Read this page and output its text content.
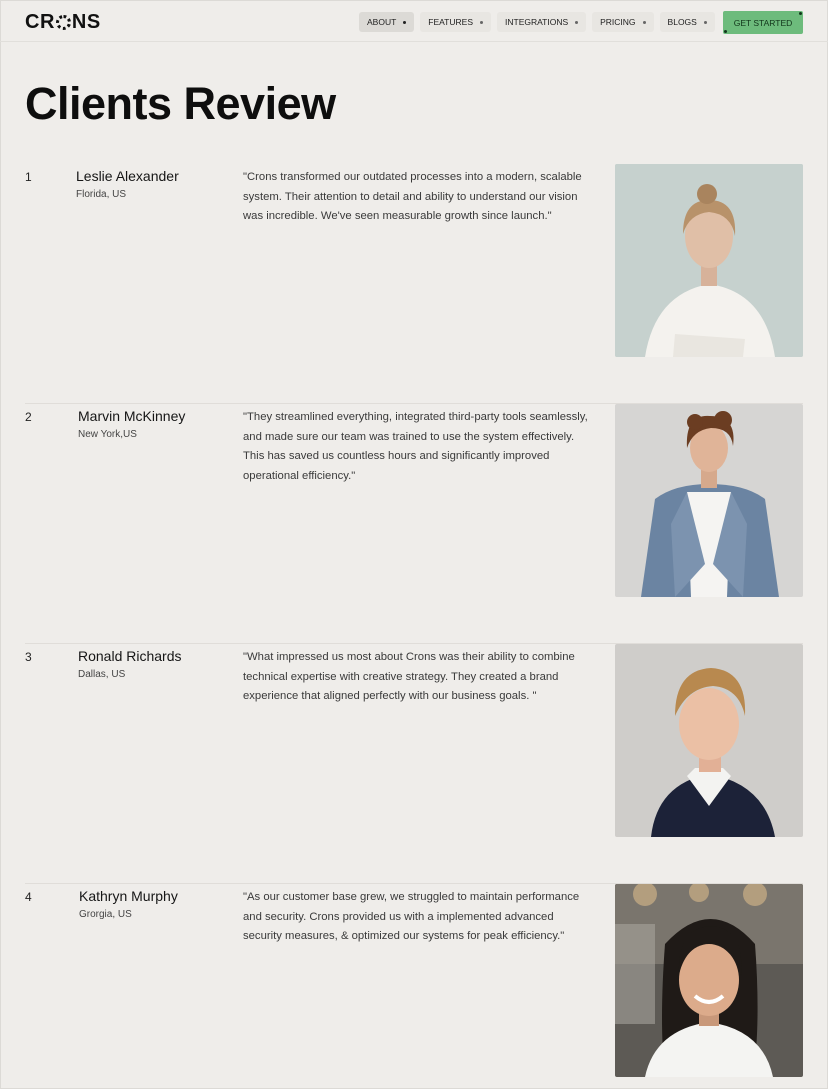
CR NS	ABOUT	FEATURES	INTEGRATIONS	PRICING	BLOGS	GET STARTED
Clients Review
1	Leslie Alexander
Florida, US

"Crons transformed our outdated processes into a modern, scalable system. Their attention to detail and ability to understand our vision was incredible. We've seen measurable growth since launch."

2	Marvin McKinney
New York,US

"They streamlined everything, integrated third-party tools seamlessly, and made sure our team was trained to use the system effectively. This has saved us countless hours and significantly improved operational efficiency."

3	Ronald Richards
Dallas, US

"What impressed us most about Crons was their ability to combine technical expertise with creative strategy. They created a brand experience that aligned perfectly with our business goals. "

4	Kathryn Murphy
Grorgia, US

"As our customer base grew, we struggled to maintain performance and security. Crons provided us with a implemented advanced security measures, & optimized our systems for peak efficiency."
